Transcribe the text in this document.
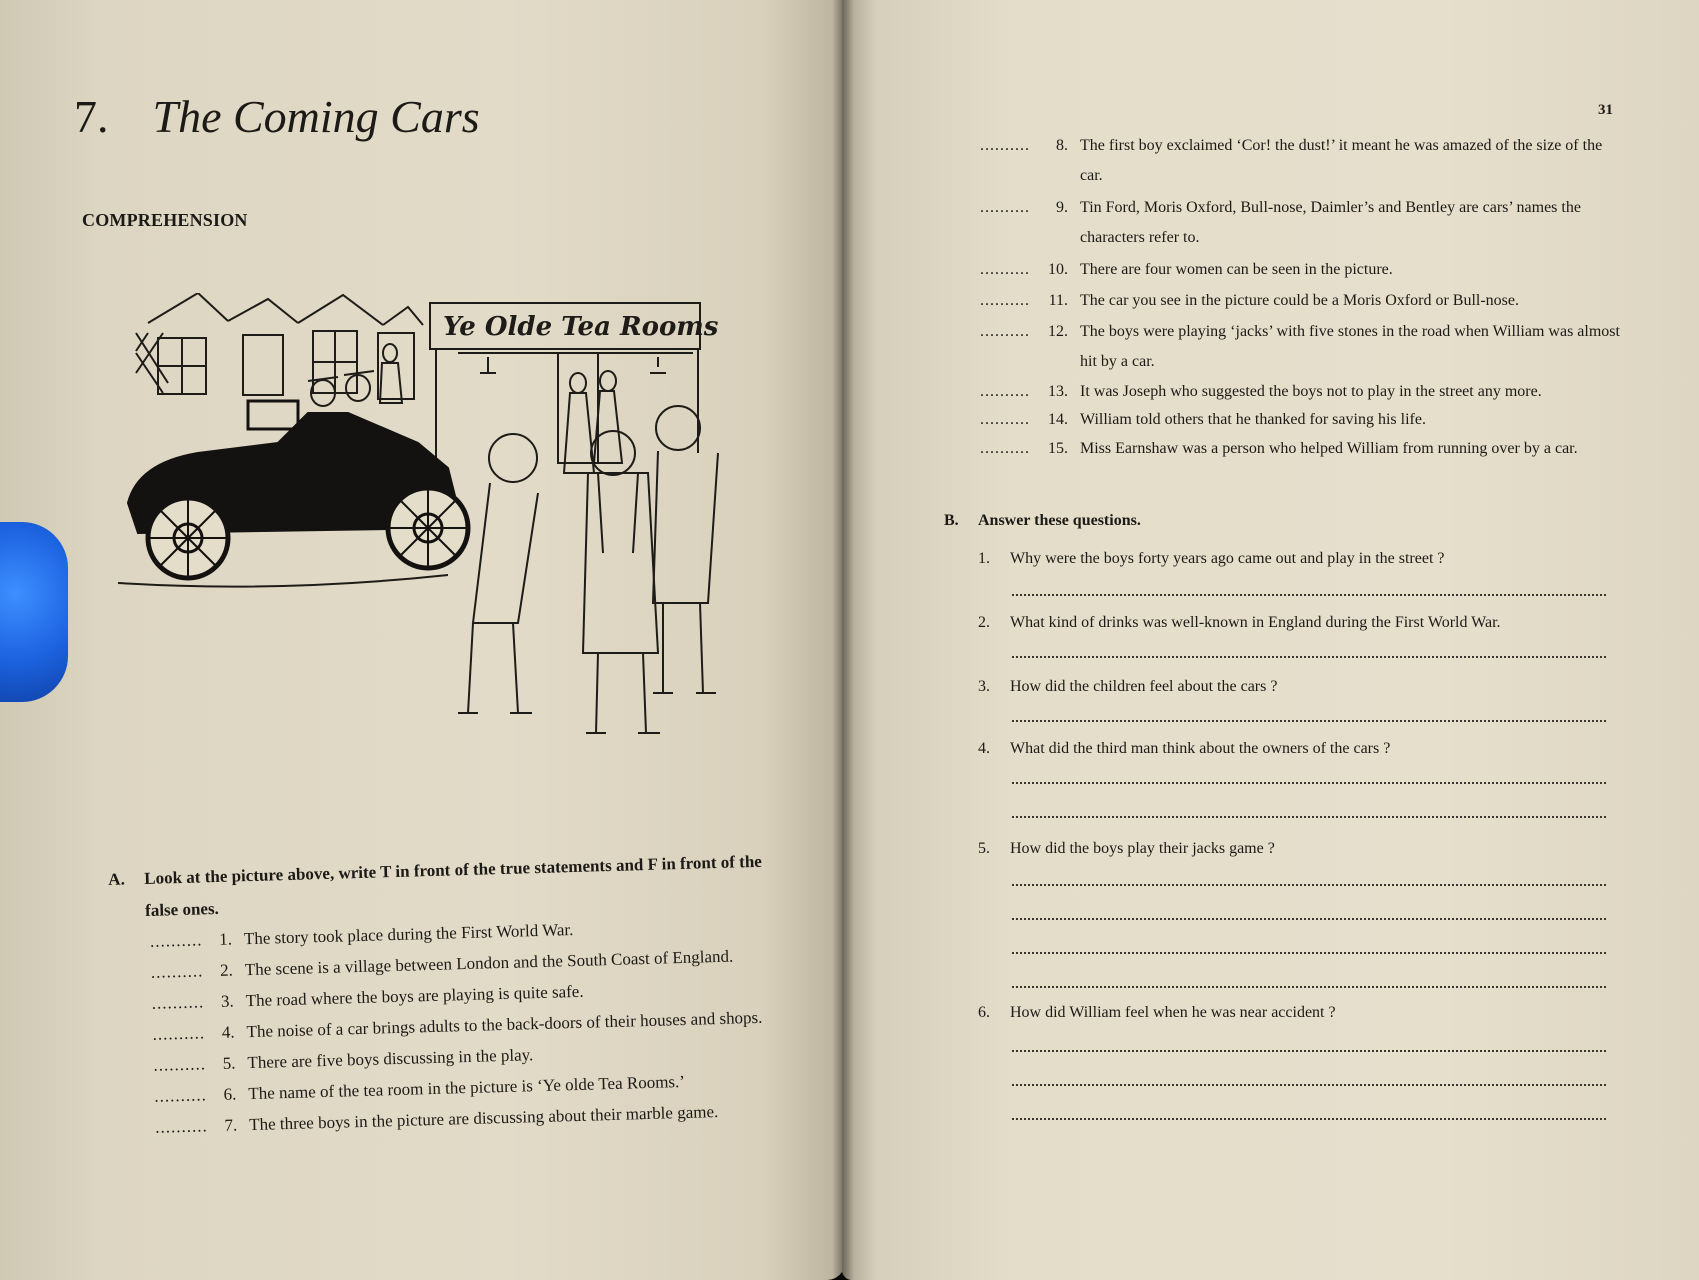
7. The Coming Cars
COMPREHENSION
Ye Olde Tea Rooms
A.	Look at the picture above, write T in front of the true statements and F in front of the
false ones.
.......... 1. The story took place during the First World War.
.......... 2. The scene is a village between London and the South Coast of England.
.......... 3. The road where the boys are playing is quite safe.
.......... 4. The noise of a car brings adults to the back-doors of their houses and shops.
.......... 5. There are five boys discussing in the play.
.......... 6. The name of the tea room in the picture is ‘Ye olde Tea Rooms.’
.......... 7. The three boys in the picture are discussing about their marble game.
31
..........	8. The first boy exclaimed ‘Cor! the dust!’ it meant he was amazed of the size of the car.
..........	9. Tin Ford, Moris Oxford, Bull-nose, Daimler’s and Bentley are cars’ names the characters refer to.
..........	10. There are four women can be seen in the picture.
..........	11. The car you see in the picture could be a Moris Oxford or Bull-nose.
..........	12. The boys were playing ‘jacks’ with five stones in the road when William was almost hit by a car.
..........	13. It was Joseph who suggested the boys not to play in the street any more.
..........	14. William told others that he thanked for saving his life.
..........	15. Miss Earnshaw was a person who helped William from running over by a car.
B.	Answer these questions.
1.	Why were the boys forty years ago came out and play in the street ?
2.	What kind of drinks was well-known in England during the First World War.
3.	How did the children feel about the cars ?
4.	What did the third man think about the owners of the cars ?
5.	How did the boys play their jacks game ?
6.	How did William feel when he was near accident ?
